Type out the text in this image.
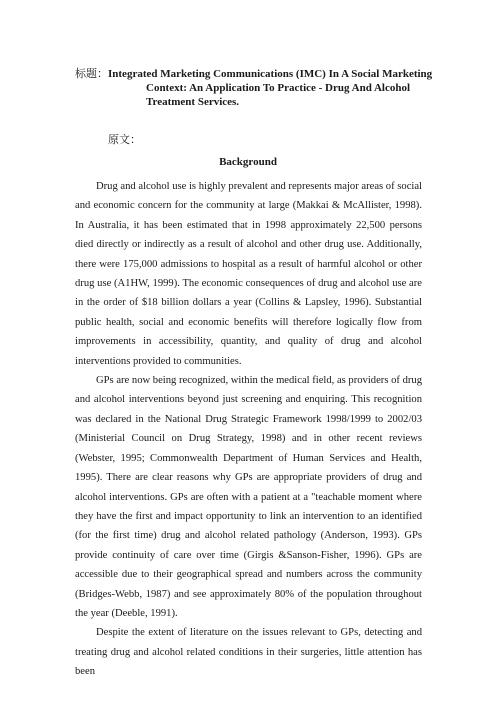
标题：Integrated Marketing Communications (IMC) In A Social Marketing
Context: An Application To Practice - Drug And Alcohol
Treatment Services.
原文：
Background

Drug and alcohol use is highly prevalent and represents major areas of social and economic concern for the community at large (Makkai & McAllister, 1998). In Australia, it has been estimated that in 1998 approximately 22,500 persons died directly or indirectly as a result of alcohol and other drug use. Additionally, there were 175,000 admissions to hospital as a result of harmful alcohol or other drug use (A1HW, 1999). The economic consequences of drug and alcohol use are in the order of $18 billion dollars a year (Collins & Lapsley, 1996). Substantial public health, social and economic benefits will therefore logically flow from improvements in accessibility, quantity, and quality of drug and alcohol interventions provided to communities.

GPs are now being recognized, within the medical field, as providers of drug and alcohol interventions beyond just screening and enquiring. This recognition was declared in the National Drug Strategic Framework 1998/1999 to 2002/03 (Ministerial Council on Drug Strategy, 1998) and in other recent reviews (Webster, 1995; Commonwealth Department of Human Services and Health, 1995). There are clear reasons why GPs are appropriate providers of drug and alcohol interventions. GPs are often with a patient at a "teachable moment where they have the first and impact opportunity to link an intervention to an identified (for the first time) drug and alcohol related pathology (Anderson, 1993). GPs provide continuity of care over time (Girgis &Sanson-Fisher, 1996). GPs are accessible due to their geographical spread and numbers across the community (Bridges-Webb, 1987) and see approximately 80% of the population throughout the year (Deeble, 1991).

Despite the extent of literature on the issues relevant to GPs, detecting and treating drug and alcohol related conditions in their surgeries, little attention has been
